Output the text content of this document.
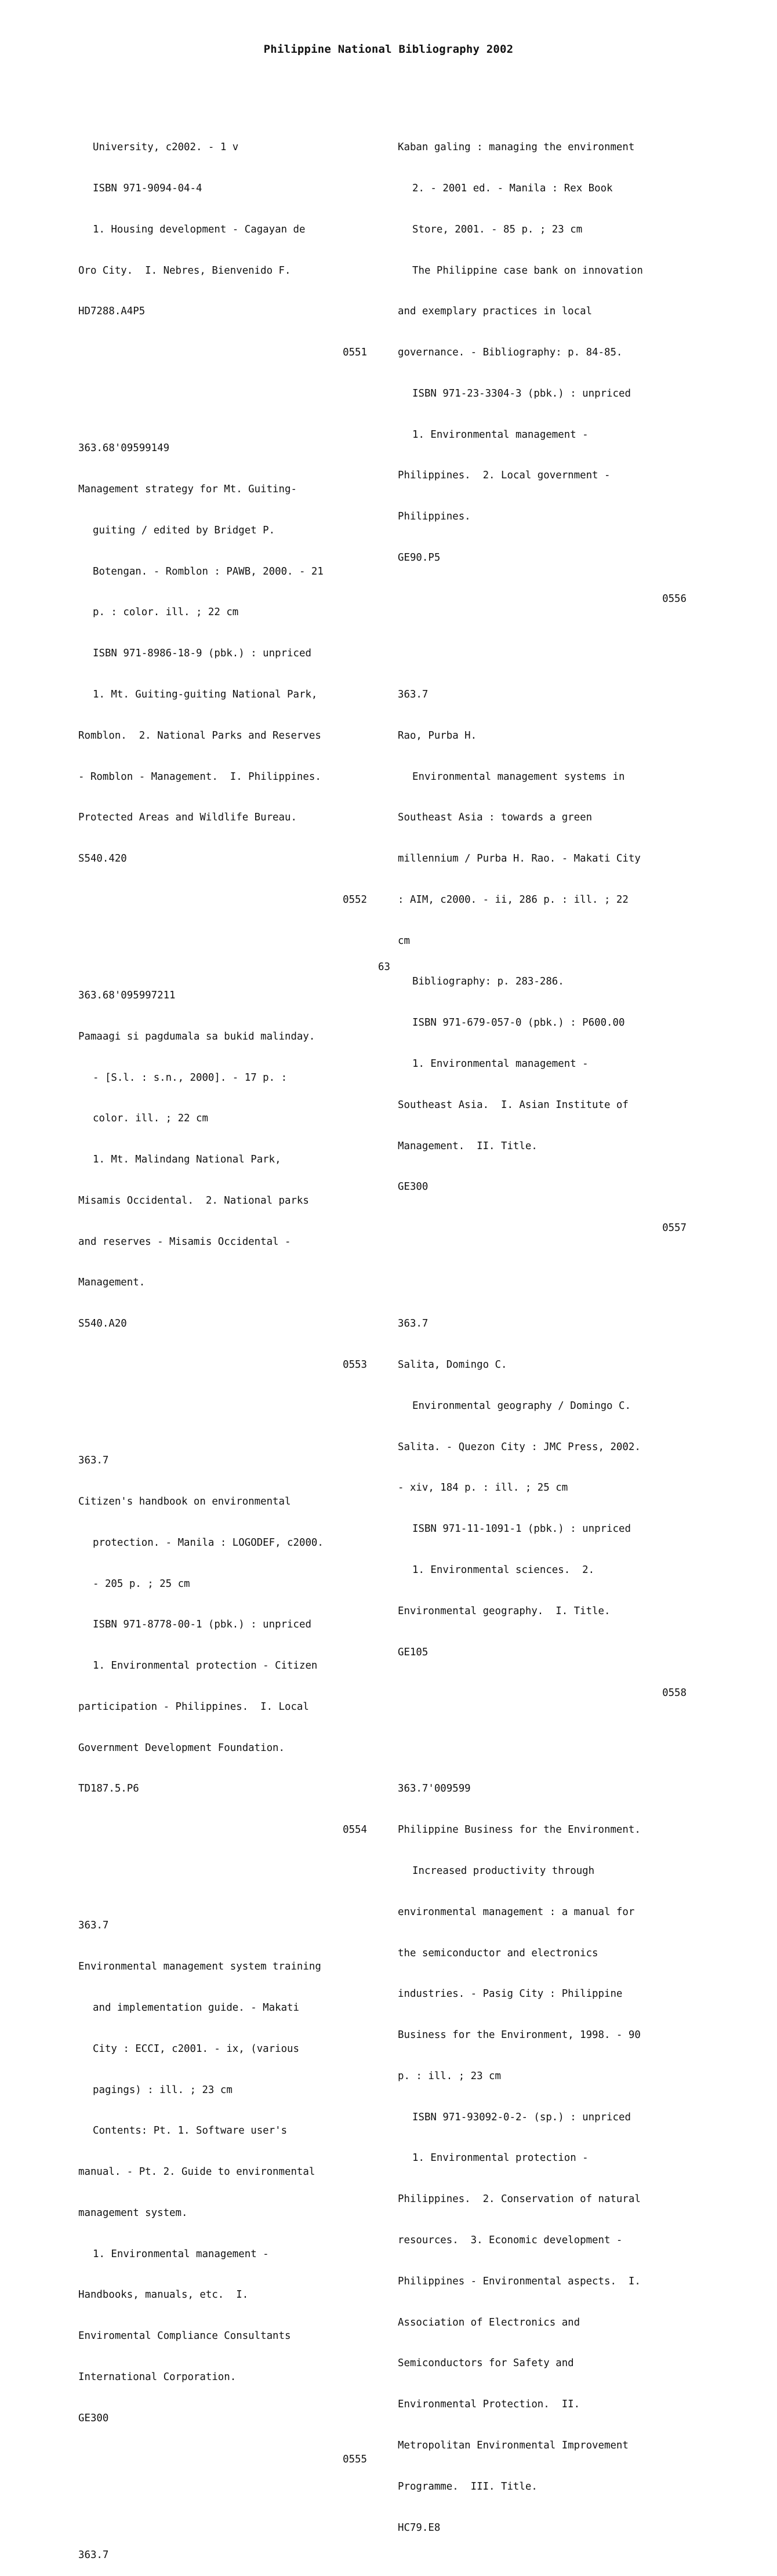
Philippine National Bibliography 2002

University, c2002. - 1 v

ISBN 971-9094-04-4

1. Housing development - Cagayan de

Oro City.  I. Nebres, Bienvenido F.

HD7288.A4P5

0551

363.68'09599149

Management strategy for Mt. Guiting-

guiting / edited by Bridget P.

Botengan. - Romblon : PAWB, 2000. - 21

p. : color. ill. ; 22 cm

ISBN 971-8986-18-9 (pbk.) : unpriced

1. Mt. Guiting-guiting National Park,

Romblon.  2. National Parks and Reserves

- Romblon - Management.  I. Philippines.

Protected Areas and Wildlife Bureau.

S540.420

0552

363.68'095997211

Pamaagi si pagdumala sa bukid malinday.

- [S.l. : s.n., 2000]. - 17 p. :

color. ill. ; 22 cm

1. Mt. Malindang National Park,

Misamis Occidental.  2. National parks

and reserves - Misamis Occidental -

Management.

S540.A20

0553

363.7

Citizen's handbook on environmental

protection. - Manila : LOGODEF, c2000.

- 205 p. ; 25 cm

ISBN 971-8778-00-1 (pbk.) : unpriced

1. Environmental protection - Citizen

participation - Philippines.  I. Local

Government Development Foundation.

TD187.5.P6

0554

363.7

Environmental management system training

and implementation guide. - Makati

City : ECCI, c2001. - ix, (various

pagings) : ill. ; 23 cm

Contents: Pt. 1. Software user's

manual. - Pt. 2. Guide to environmental

management system.

1. Environmental management -

Handbooks, manuals, etc.  I.

Enviromental Compliance Consultants

International Corporation.

GE300

0555

363.7

Kaban galing : managing the environment

2. - 2001 ed. - Manila : Rex Book

Store, 2001. - 85 p. ; 23 cm

The Philippine case bank on innovation

and exemplary practices in local

governance. - Bibliography: p. 84-85.

ISBN 971-23-3304-3 (pbk.) : unpriced

1. Environmental management -

Philippines.  2. Local government -

Philippines.

GE90.P5

0556

363.7

Rao, Purba H.

Environmental management systems in

Southeast Asia : towards a green

millennium / Purba H. Rao. - Makati City

: AIM, c2000. - ii, 286 p. : ill. ; 22

cm

Bibliography: p. 283-286.

ISBN 971-679-057-0 (pbk.) : P600.00

1. Environmental management -

Southeast Asia.  I. Asian Institute of

Management.  II. Title.

GE300

0557

363.7

Salita, Domingo C.

Environmental geography / Domingo C.

Salita. - Quezon City : JMC Press, 2002.

- xiv, 184 p. : ill. ; 25 cm

ISBN 971-11-1091-1 (pbk.) : unpriced

1. Environmental sciences.  2.

Environmental geography.  I. Title.

GE105

0558

363.7'009599

Philippine Business for the Environment.

Increased productivity through

environmental management : a manual for

the semiconductor and electronics

industries. - Pasig City : Philippine

Business for the Environment, 1998. - 90

p. : ill. ; 23 cm

ISBN 971-93092-0-2- (sp.) : unpriced

1. Environmental protection -

Philippines.  2. Conservation of natural

resources.  3. Economic development -

Philippines - Environmental aspects.  I.

Association of Electronics and

Semiconductors for Safety and

Environmental Protection.  II.

Metropolitan Environmental Improvement

Programme.  III. Title.

HC79.E8

63
